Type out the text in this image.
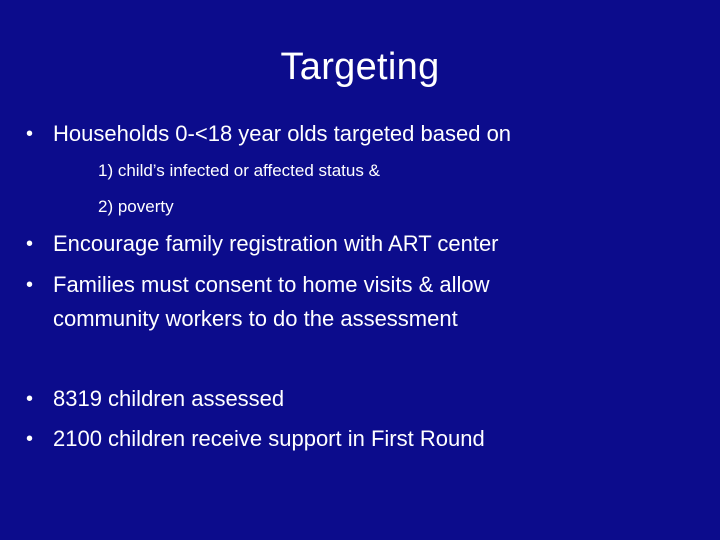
Targeting
• Households 0-<18 year olds targeted based on
1) child’s infected or affected status &
2) poverty
• Encourage family registration with ART center
• Families must consent to home visits & allow
community workers to do the assessment
• 8319 children assessed
• 2100 children receive support in First Round
